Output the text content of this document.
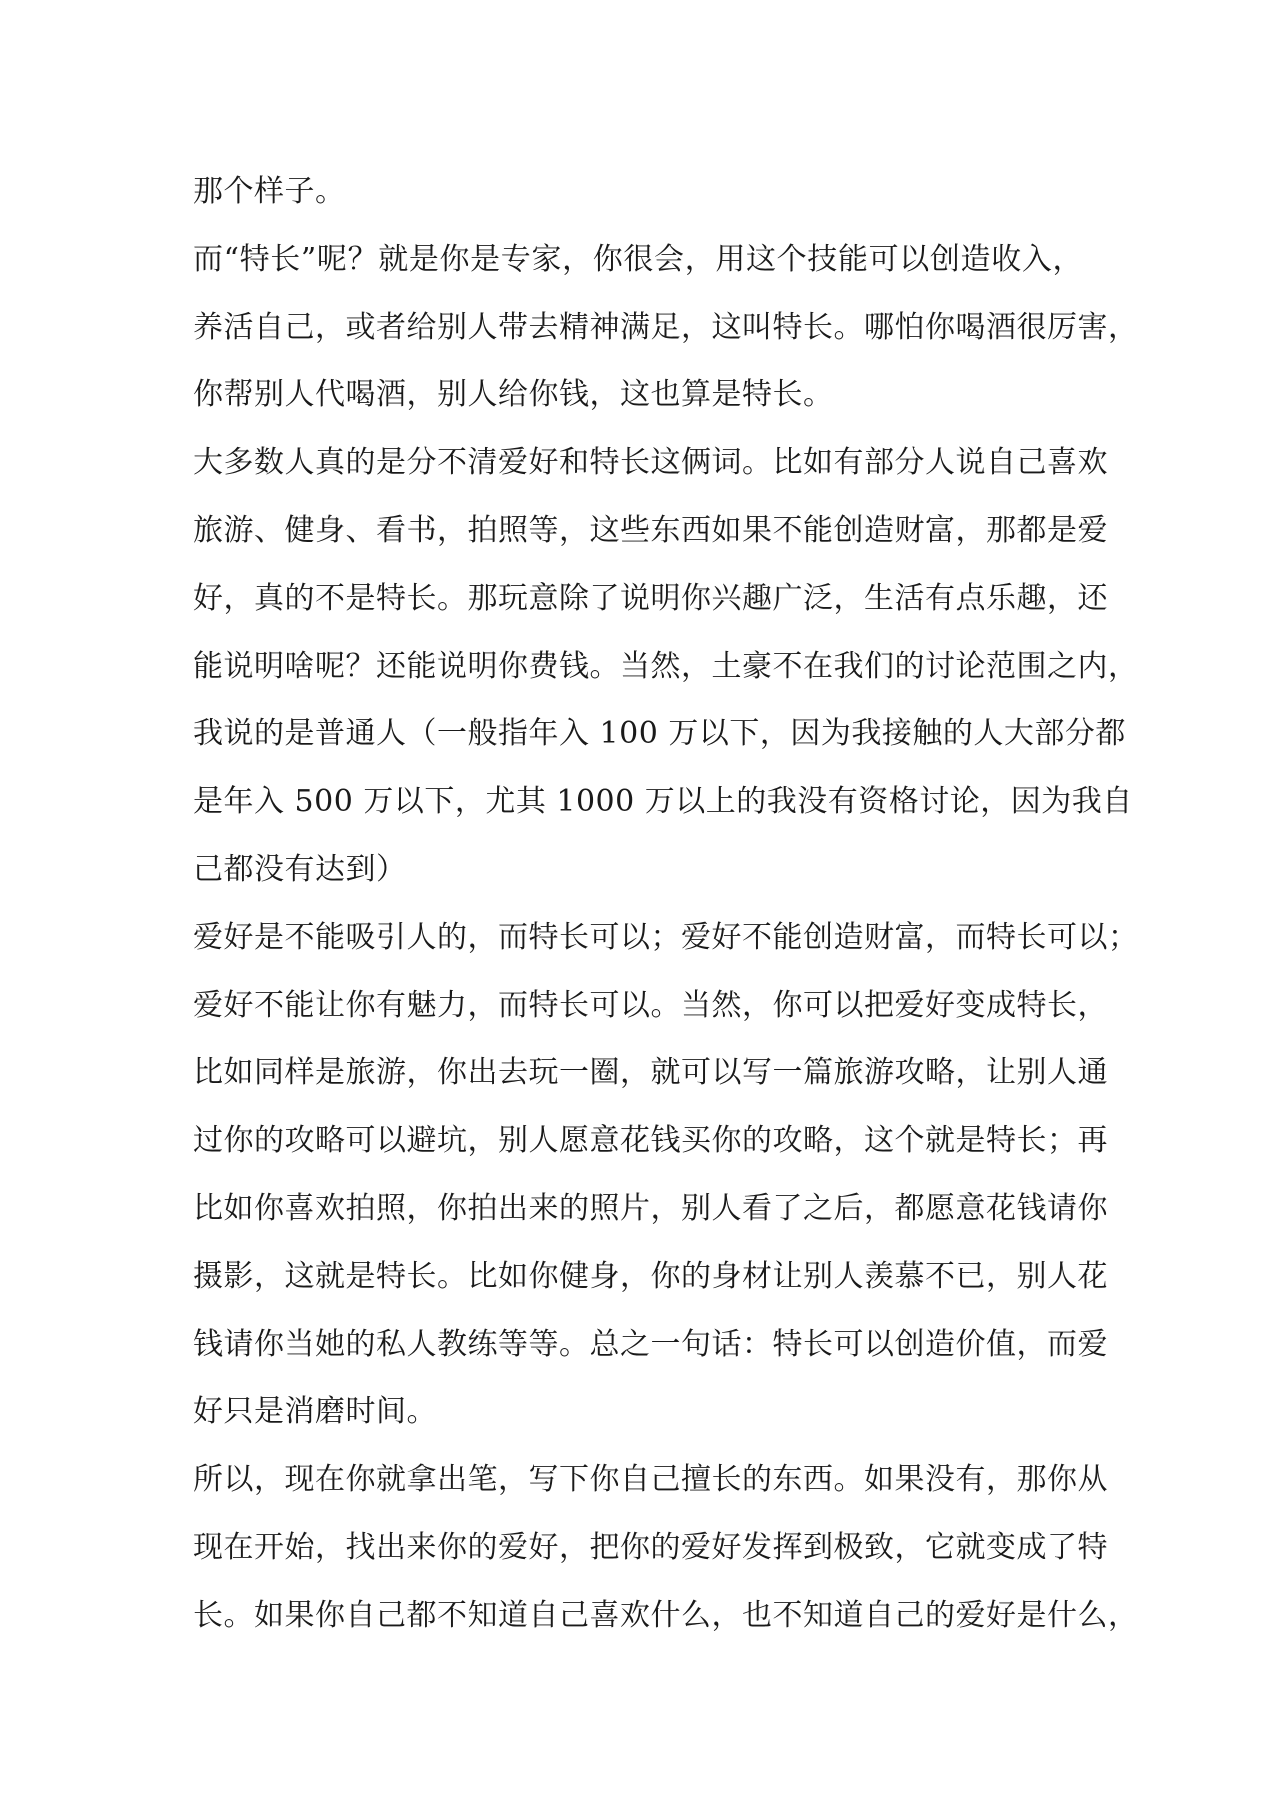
那个样子。
而“特长”呢？就是你是专家，你很会，用这个技能可以创造收入，
养活自己，或者给别人带去精神满足，这叫特长。哪怕你喝酒很厉害，
你帮别人代喝酒，别人给你钱，这也算是特长。
大多数人真的是分不清爱好和特长这俩词。比如有部分人说自己喜欢
旅游、健身、看书，拍照等，这些东西如果不能创造财富，那都是爱
好，真的不是特长。那玩意除了说明你兴趣广泛，生活有点乐趣，还
能说明啥呢？还能说明你费钱。当然，土豪不在我们的讨论范围之内，
我说的是普通人（一般指年入 100 万以下，因为我接触的人大部分都
是年入 500 万以下，尤其 1000 万以上的我没有资格讨论，因为我自
己都没有达到）
爱好是不能吸引人的，而特长可以；爱好不能创造财富，而特长可以；
爱好不能让你有魅力，而特长可以。当然，你可以把爱好变成特长，
比如同样是旅游，你出去玩一圈，就可以写一篇旅游攻略，让别人通
过你的攻略可以避坑，别人愿意花钱买你的攻略，这个就是特长；再
比如你喜欢拍照，你拍出来的照片，别人看了之后，都愿意花钱请你
摄影，这就是特长。比如你健身，你的身材让别人羡慕不已，别人花
钱请你当她的私人教练等等。总之一句话：特长可以创造价值，而爱
好只是消磨时间。
所以，现在你就拿出笔，写下你自己擅长的东西。如果没有，那你从
现在开始，找出来你的爱好，把你的爱好发挥到极致，它就变成了特
长。如果你自己都不知道自己喜欢什么，也不知道自己的爱好是什么，
